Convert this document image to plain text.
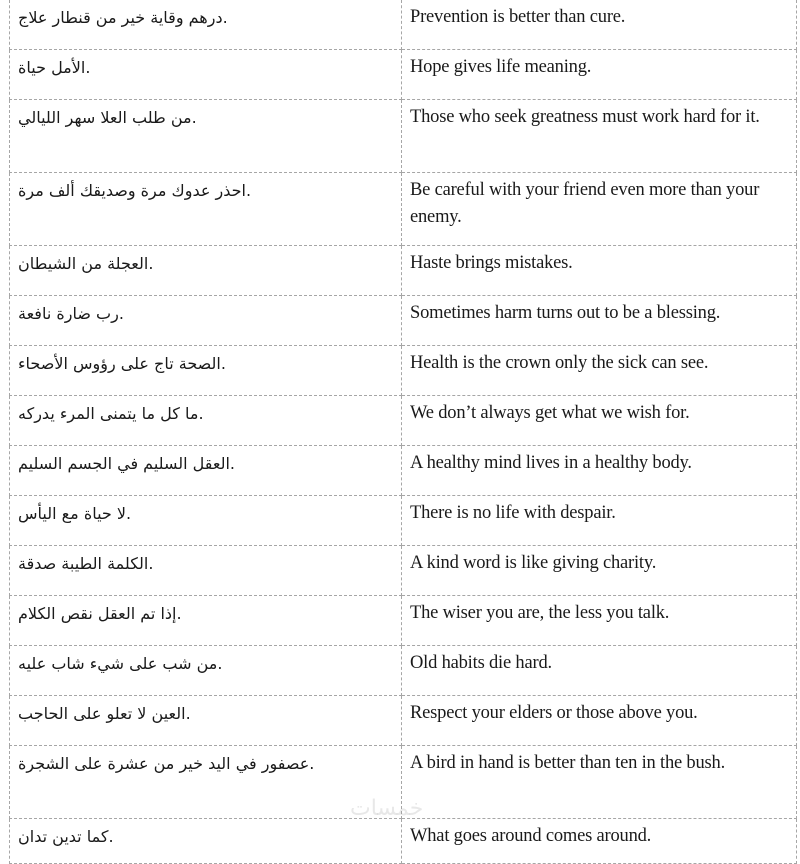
درهم وقاية خير من قنطار علاج.	Prevention is better than cure.

الأمل حياة.	Hope gives life meaning.

من طلب العلا سهر الليالي.	Those who seek greatness must work hard for it.

احذر عدوك مرة وصديقك ألف مرة.	Be careful with your friend even more than your enemy.

العجلة من الشيطان.	Haste brings mistakes.

رب ضارة نافعة.	Sometimes harm turns out to be a blessing.

الصحة تاج على رؤوس الأصحاء.	Health is the crown only the sick can see.

ما كل ما يتمنى المرء يدركه.	We don’t always get what we wish for.

العقل السليم في الجسم السليم.	A healthy mind lives in a healthy body.

لا حياة مع اليأس.	There is no life with despair.

الكلمة الطيبة صدقة.	A kind word is like giving charity.

إذا تم العقل نقص الكلام.	The wiser you are, the less you talk.

من شب على شيء شاب عليه.	Old habits die hard.

العين لا تعلو على الحاجب.	Respect your elders or those above you.

عصفور في اليد خير من عشرة على الشجرة.	A bird in hand is better than ten in the bush.

كما تدين تدان.	What goes around comes around.
خمسات
